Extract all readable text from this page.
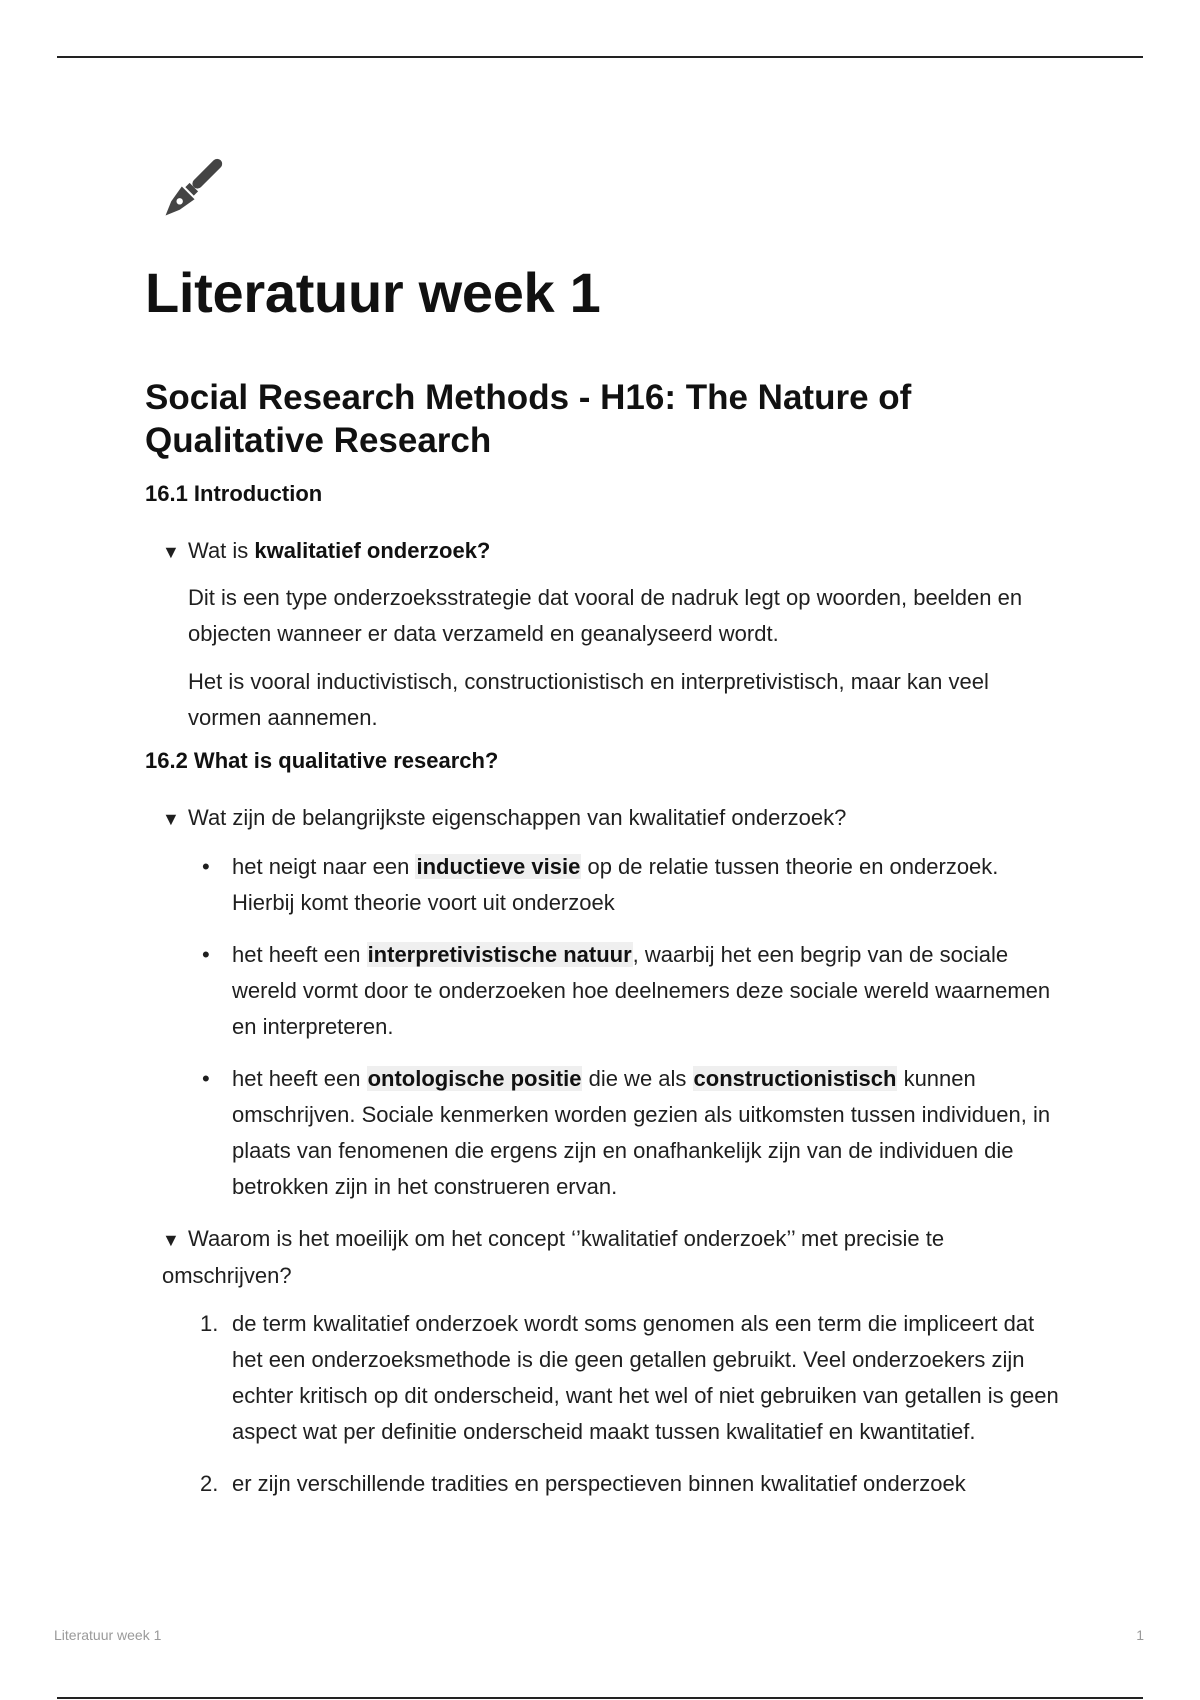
Literatuur week 1
Social Research Methods - H16: The Nature of Qualitative Research
16.1 Introduction
▼ Wat is kwalitatief onderzoek?

Dit is een type onderzoeksstrategie dat vooral de nadruk legt op woorden, beelden en objecten wanneer er data verzameld en geanalyseerd wordt.

Het is vooral inductivistisch, constructionistisch en interpretivistisch, maar kan veel vormen aannemen.

16.2 What is qualitative research?
▼ Wat zijn de belangrijkste eigenschappen van kwalitatief onderzoek?
• het neigt naar een inductieve visie op de relatie tussen theorie en onderzoek. Hierbij komt theorie voort uit onderzoek
• het heeft een interpretivistische natuur, waarbij het een begrip van de sociale wereld vormt door te onderzoeken hoe deelnemers deze sociale wereld waarnemen en interpreteren.
• het heeft een ontologische positie die we als constructionistisch kunnen omschrijven. Sociale kenmerken worden gezien als uitkomsten tussen individuen, in plaats van fenomenen die ergens zijn en onafhankelijk zijn van de individuen die betrokken zijn in het construeren ervan.
▼ Waarom is het moeilijk om het concept ‘’kwalitatief onderzoek’’ met precisie te omschrijven?
1. de term kwalitatief onderzoek wordt soms genomen als een term die impliceert dat het een onderzoeksmethode is die geen getallen gebruikt. Veel onderzoekers zijn echter kritisch op dit onderscheid, want het wel of niet gebruiken van getallen is geen aspect wat per definitie onderscheid maakt tussen kwalitatief en kwantitatief.
2. er zijn verschillende tradities en perspectieven binnen kwalitatief onderzoek
Literatuur week 1	1
